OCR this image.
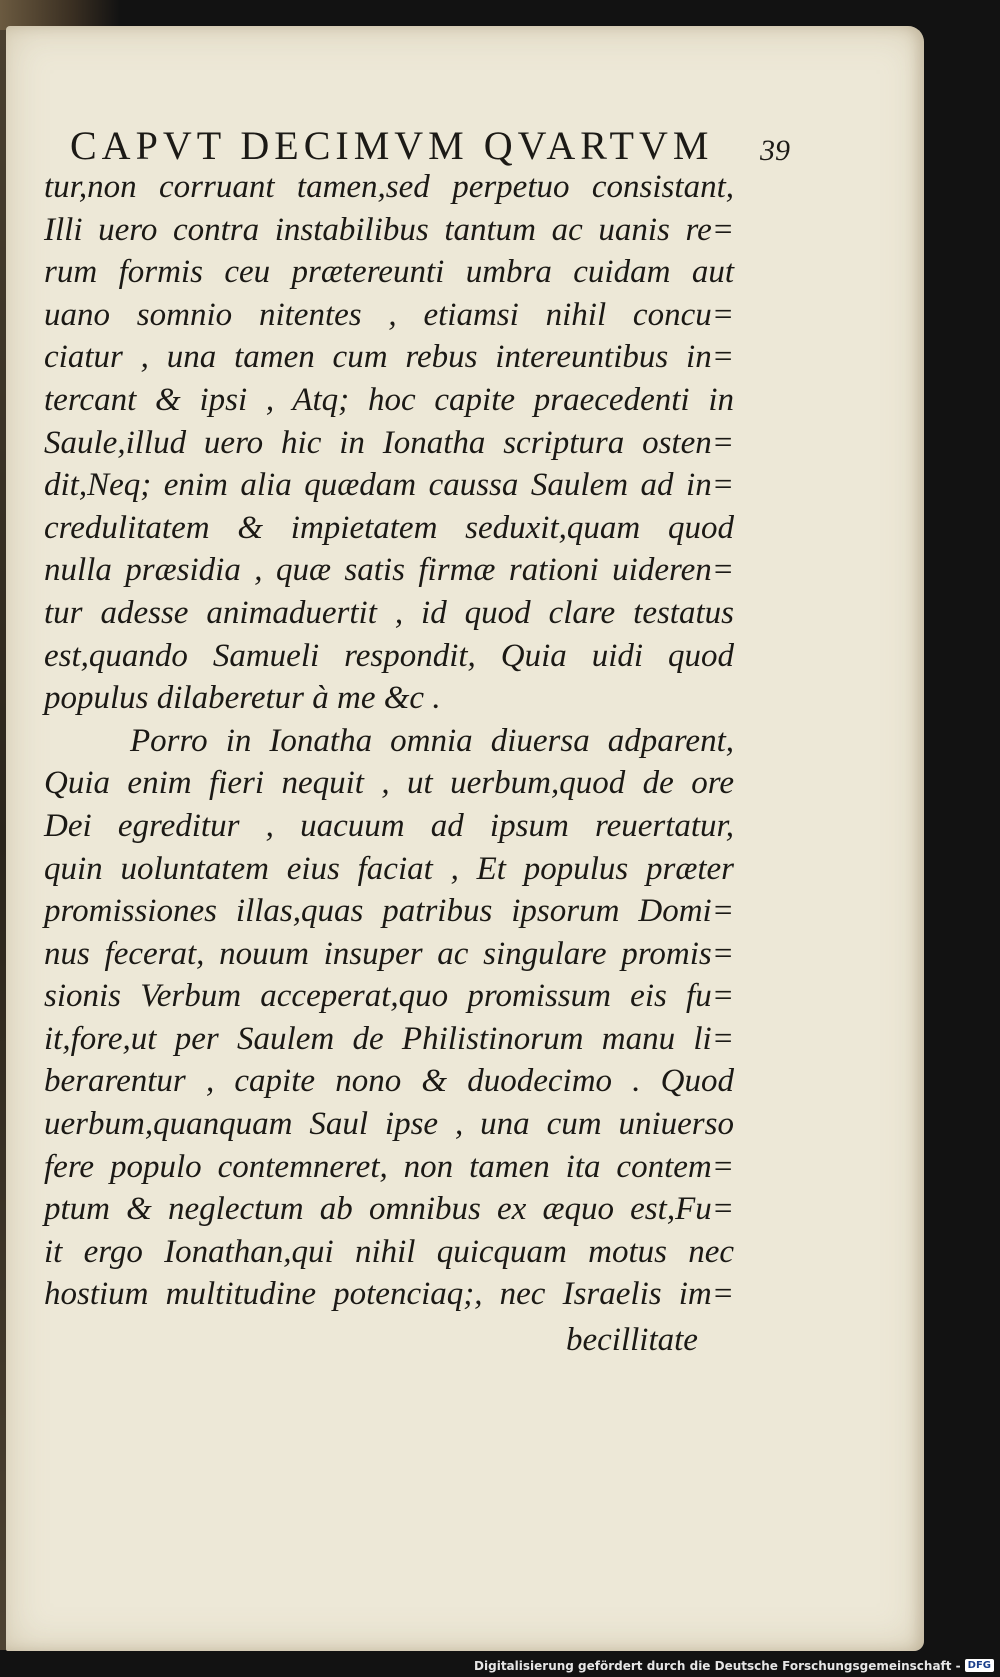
CAPVT DECIMVM QVARTVM 39
tur,non corruant tamen,sed perpetuo consistant,
Illi uero contra instabilibus tantum ac uanis re=
rum formis ceu prætereunti umbra cuidam aut
uano somnio nitentes , etiamsi nihil concu=
ciatur , una tamen cum rebus intereuntibus in=
tercant & ipsi , Atq; hoc capite praecedenti in
Saule,illud uero hic in Ionatha scriptura osten=
dit,Neq; enim alia quædam caussa Saulem ad in=
credulitatem & impietatem seduxit,quam quod
nulla præsidia , quæ satis firmæ rationi uideren=
tur adesse animaduertit , id quod clare testatus
est,quando Samueli respondit, Quia uidi quod
populus dilaberetur à me &c .
Porro in Ionatha omnia diuersa adparent,
Quia enim fieri nequit , ut uerbum,quod de ore
Dei egreditur , uacuum ad ipsum reuertatur,
quin uoluntatem eius faciat , Et populus præter
promissiones illas,quas patribus ipsorum Domi=
nus fecerat, nouum insuper ac singulare promis=
sionis Verbum acceperat,quo promissum eis fu=
it,fore,ut per Saulem de Philistinorum manu li=
berarentur , capite nono & duodecimo . Quod
uerbum,quanquam Saul ipse , una cum uniuerso
fere populo contemneret, non tamen ita contem=
ptum & neglectum ab omnibus ex æquo est,Fu=
it ergo Ionathan,qui nihil quicquam motus nec
hostium multitudine potenciaq;, nec Israelis im=
becillitate
Digitalisierung gefördert durch die Deutsche Forschungsgemeinschaft - DFG
